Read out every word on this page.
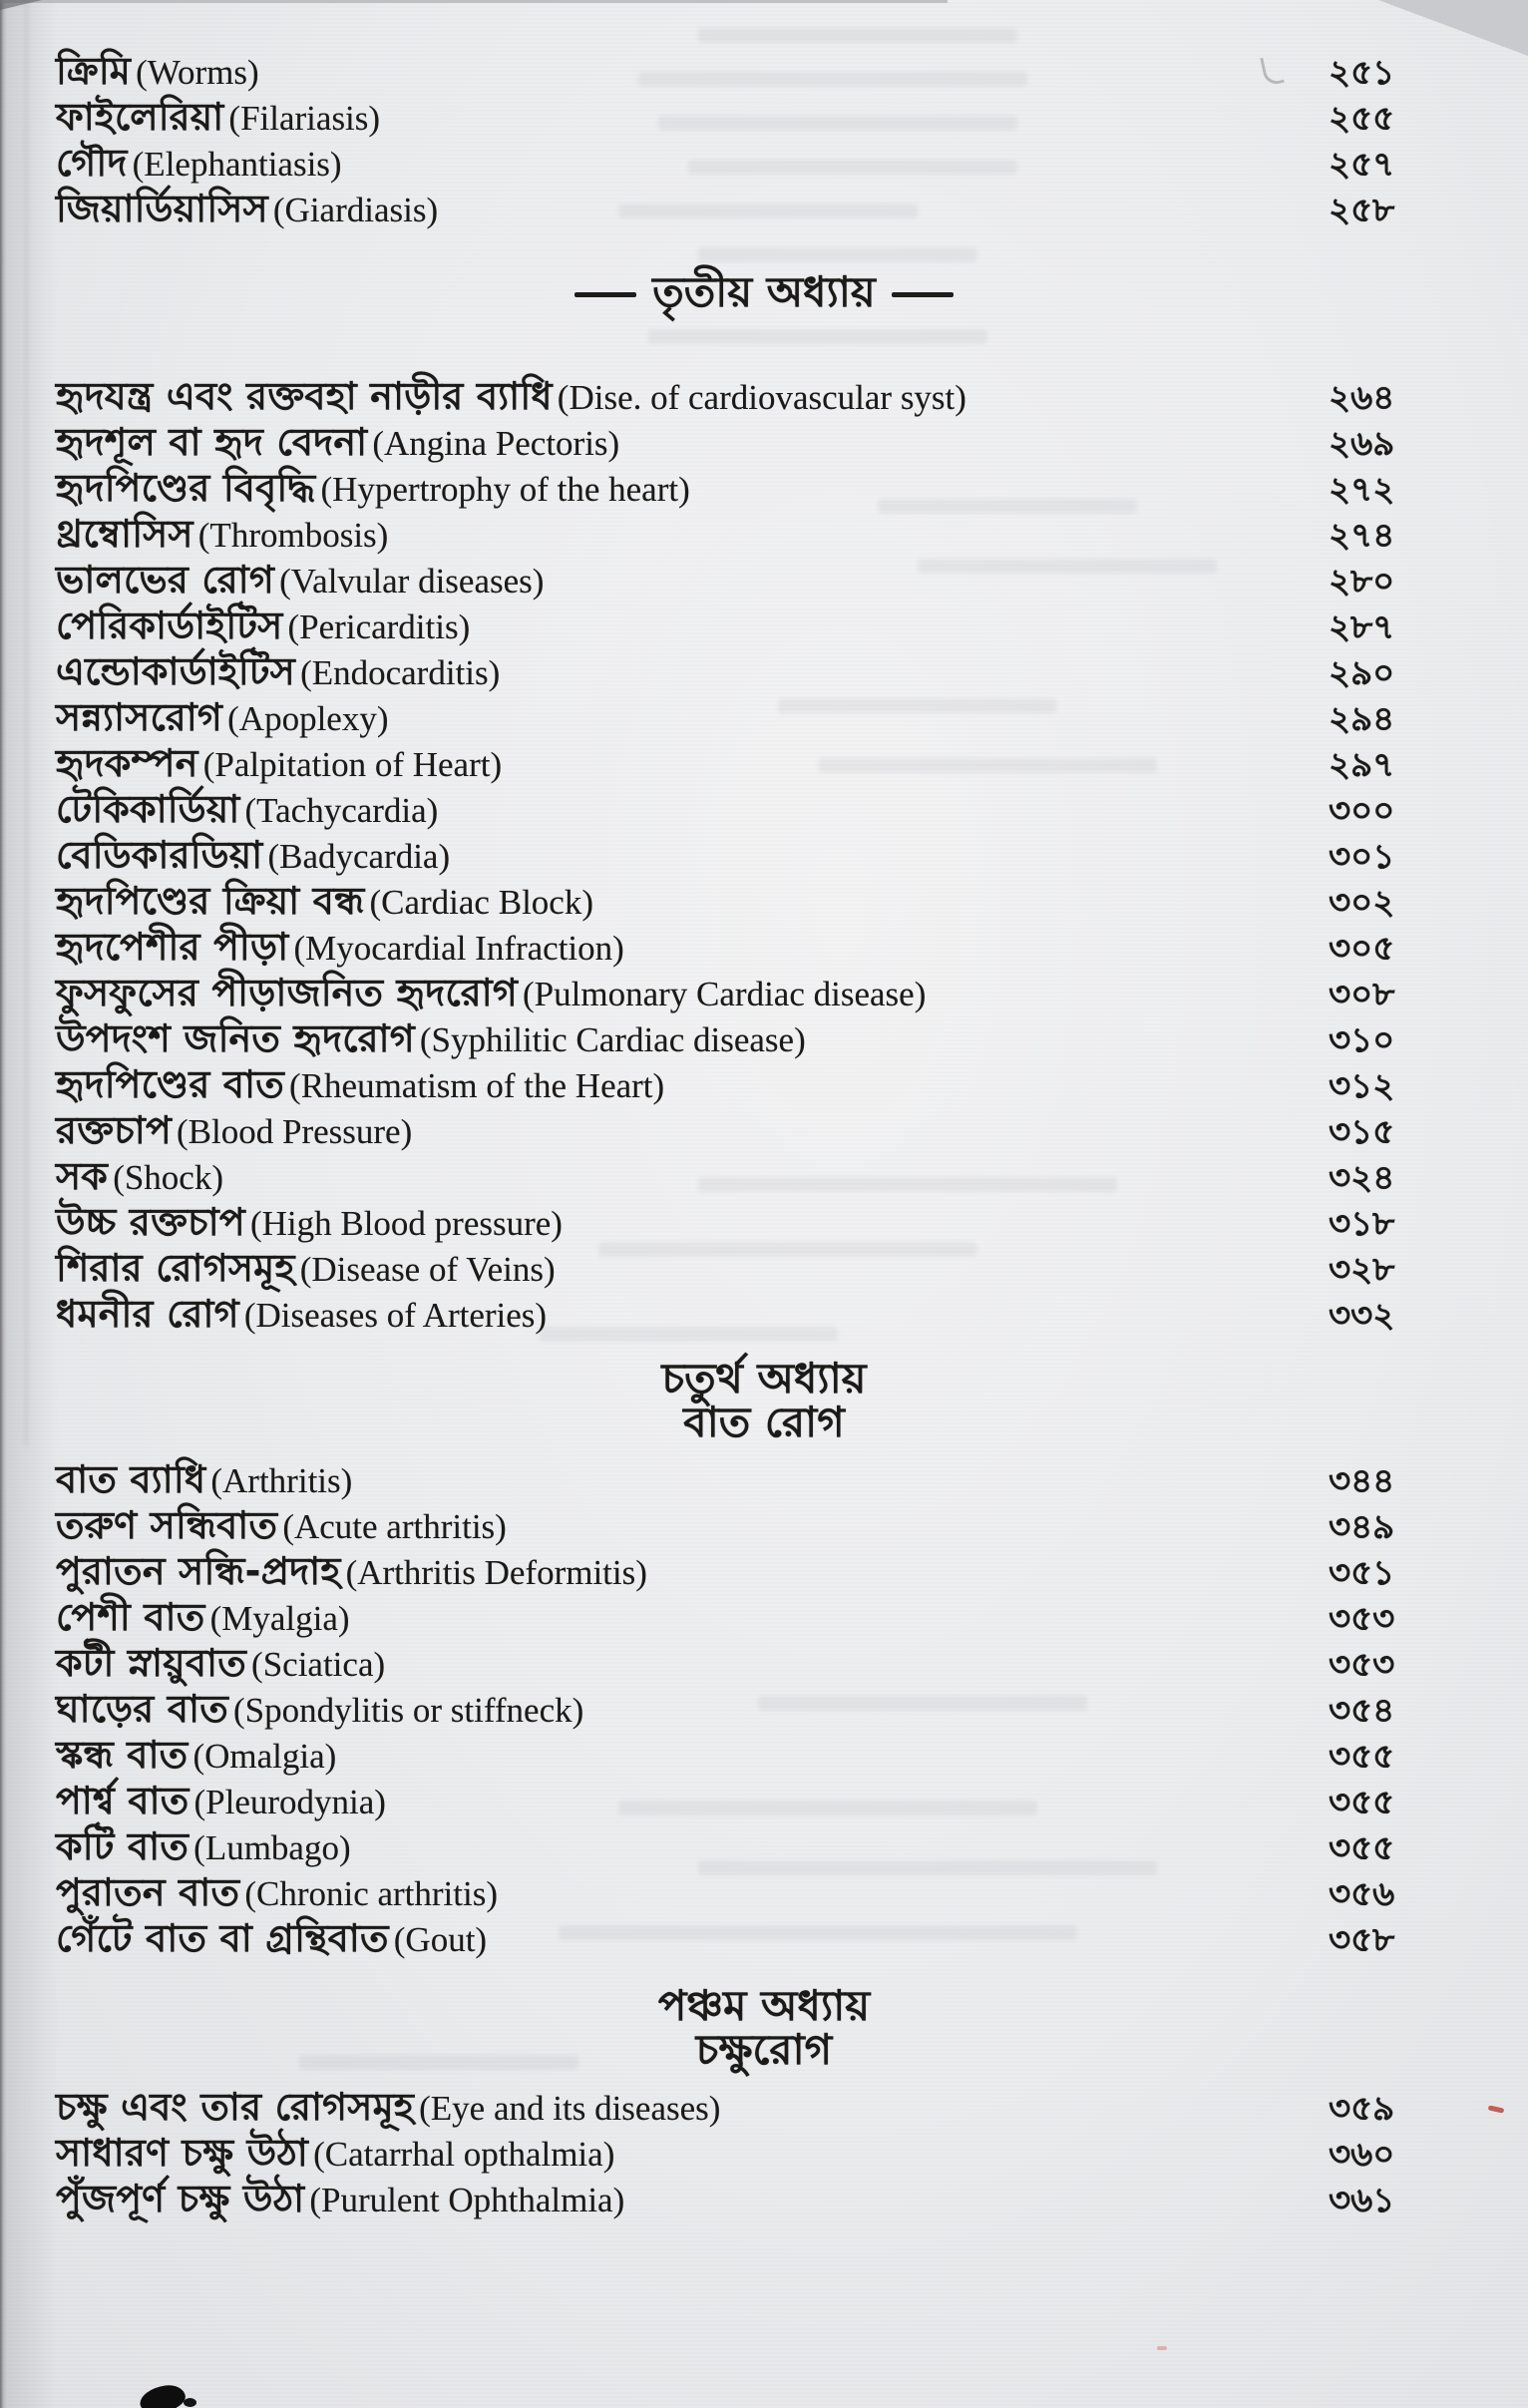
ক্রিমি (Worms)	২৫১
ফাইলেরিয়া (Filariasis)	২৫৫
গৌদ (Elephantiasis)	২৫৭
জিয়ার্ডিয়াসিস (Giardiasis)	২৫৮
তৃতীয় অধ্যায়
হৃদযন্ত্র এবং রক্তবহা নাড়ীর ব্যাধি (Dise. of cardiovascular syst)	২৬৪
হৃদশূল বা হৃদ বেদনা (Angina Pectoris)	২৬৯
হৃদপিণ্ডের বিবৃদ্ধি (Hypertrophy of the heart)	২৭২
থ্রম্বোসিস (Thrombosis)	২৭৪
ভালভের রোগ (Valvular diseases)	২৮০
পেরিকার্ডাইটিস (Pericarditis)	২৮৭
এন্ডোকার্ডাইটিস (Endocarditis)	২৯০
সন্ন্যাসরোগ (Apoplexy)	২৯৪
হৃদকম্পন (Palpitation of Heart)	২৯৭
টেকিকার্ডিয়া (Tachycardia)	৩০০
বেডিকারডিয়া (Badycardia)	৩০১
হৃদপিণ্ডের ক্রিয়া বন্ধ (Cardiac Block)	৩০২
হৃদপেশীর পীড়া (Myocardial Infraction)	৩০৫
ফুসফুসের পীড়াজনিত হৃদরোগ (Pulmonary Cardiac disease)	৩০৮
উপদংশ জনিত হৃদরোগ (Syphilitic Cardiac disease)	৩১০
হৃদপিণ্ডের বাত (Rheumatism of the Heart)	৩১২
রক্তচাপ (Blood Pressure)	৩১৫
সক (Shock)	৩২৪
উচ্চ রক্তচাপ (High Blood pressure)	৩১৮
শিরার রোগসমূহ (Disease of Veins)	৩২৮
ধমনীর রোগ (Diseases of Arteries)	৩৩২
চতুর্থ অধ্যায়
বাত রোগ
বাত ব্যাধি (Arthritis)	৩৪৪
তরুণ সন্ধিবাত (Acute arthritis)	৩৪৯
পুরাতন সন্ধি-প্রদাহ (Arthritis Deformitis)	৩৫১
পেশী বাত (Myalgia)	৩৫৩
কটী স্নায়ুবাত (Sciatica)	৩৫৩
ঘাড়ের বাত (Spondylitis or stiffneck)	৩৫৪
স্কন্ধ বাত (Omalgia)	৩৫৫
পার্শ্ব বাত (Pleurodynia)	৩৫৫
কটি বাত (Lumbago)	৩৫৫
পুরাতন বাত (Chronic arthritis)	৩৫৬
গেঁটে বাত বা গ্রন্থিবাত (Gout)	৩৫৮
পঞ্চম অধ্যায়
চক্ষুরোগ
চক্ষু এবং তার রোগসমূহ (Eye and its diseases)	৩৫৯
সাধারণ চক্ষু উঠা (Catarrhal opthalmia)	৩৬০
পুঁজপূর্ণ চক্ষু উঠা (Purulent Ophthalmia)	৩৬১
